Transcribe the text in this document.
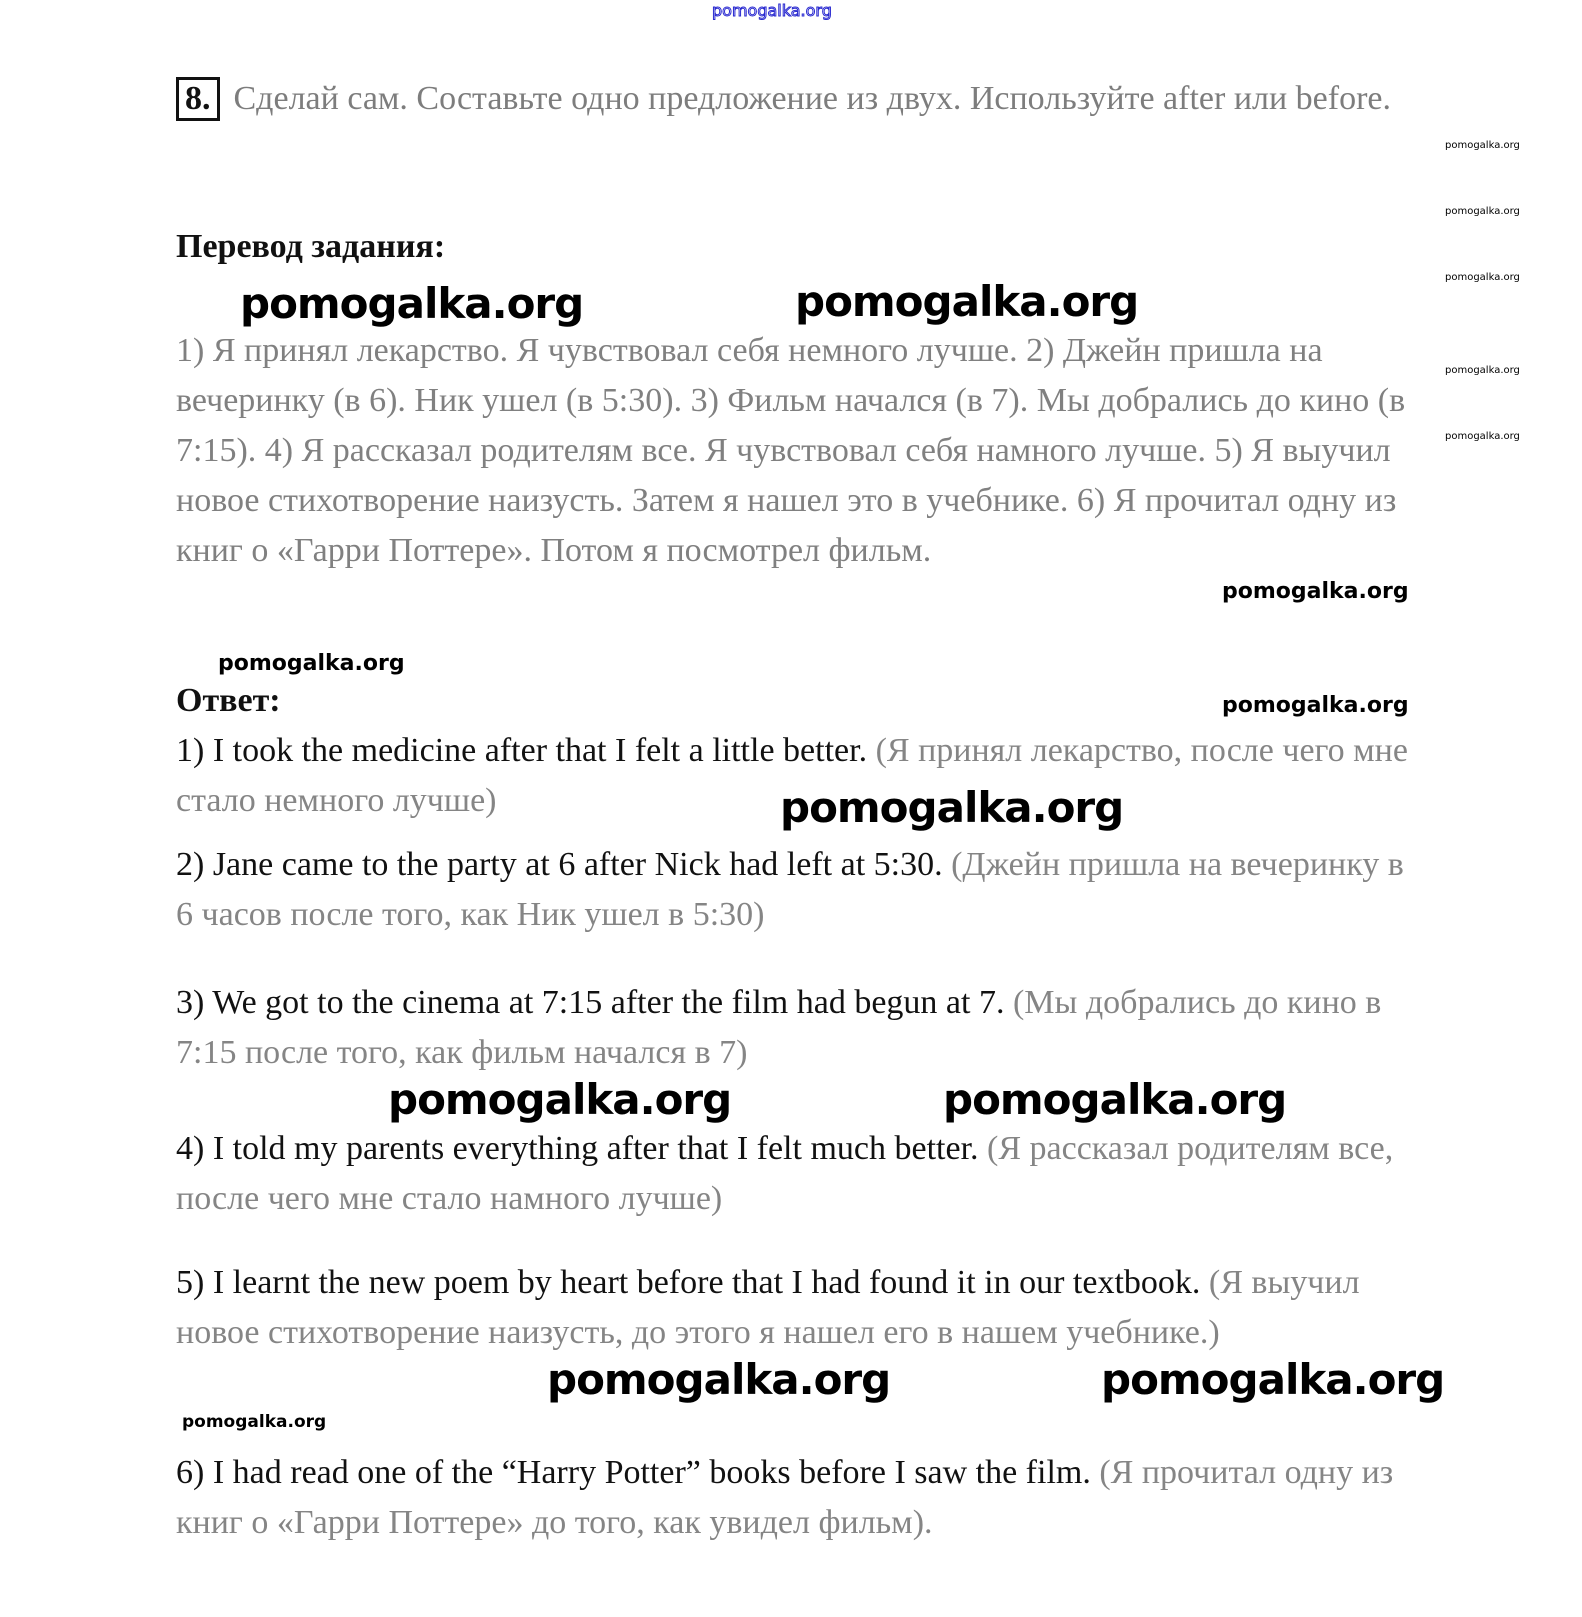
pomogalka.org
8. Сделай сам. Составьте одно предложение из двух. Используйте after или before.
Перевод задания:
1) Я принял лекарство. Я чувствовал себя немного лучше. 2) Джейн пришла на вечеринку (в 6). Ник ушел (в 5:30). 3) Фильм начался (в 7). Мы добрались до кино (в 7:15). 4) Я рассказал родителям все. Я чувствовал себя намного лучше. 5) Я выучил новое стихотворение наизусть. Затем я нашел это в учебнике. 6) Я прочитал одну из книг о «Гарри Поттере». Потом я посмотрел фильм.
Ответ:
1) I took the medicine after that I felt a little better. (Я принял лекарство, после чего мне стало немного лучше)
2) Jane came to the party at 6 after Nick had left at 5:30. (Джейн пришла на вечеринку в 6 часов после того, как Ник ушел в 5:30)
3) We got to the cinema at 7:15 after the film had begun at 7. (Мы добрались до кино в 7:15 после того, как фильм начался в 7)
4) I told my parents everything after that I felt much better. (Я рассказал родителям все, после чего мне стало намного лучше)
5) I learnt the new poem by heart before that I had found it in our textbook. (Я выучил новое стихотворение наизусть, до этого я нашел его в нашем учебнике.)
6) I had read one of the “Harry Potter” books before I saw the film. (Я прочитал одну из книг о «Гарри Поттере» до того, как увидел фильм).
pomogalka.org	pomogalka.org
pomogalka.org
pomogalka.org	pomogalka.org
pomogalka.org	pomogalka.org
pomogalka.org
pomogalka.org
pomogalka.org
pomogalka.org
pomogalka.org
pomogalka.org
pomogalka.org
pomogalka.org
pomogalka.org
